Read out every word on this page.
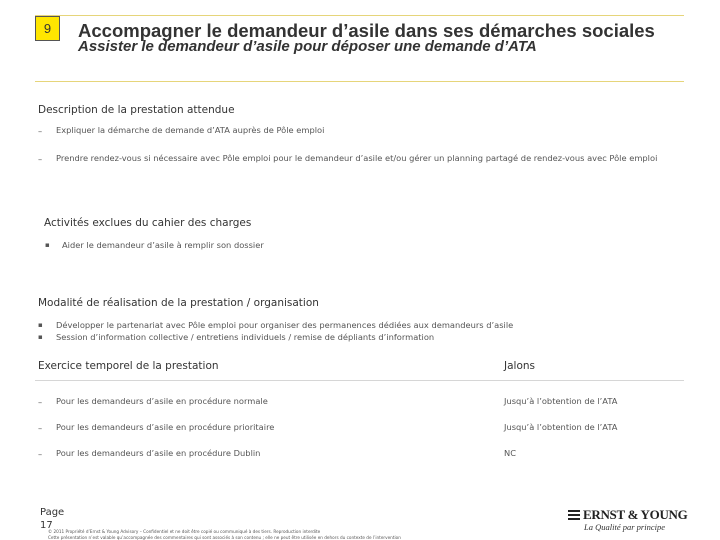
9	Accompagner le demandeur d’asile dans ses démarches sociales
Assister le demandeur d’asile pour déposer une demande d’ATA
Description de la prestation attendue
– Expliquer la démarche de demande d’ATA auprès de Pôle emploi
– Prendre rendez-vous si nécessaire avec Pôle emploi pour le demandeur d’asile et/ou gérer un planning partagé de rendez-vous avec Pôle emploi
Activités exclues du cahier des charges
▪ Aider le demandeur d’asile à remplir son dossier
Modalité de réalisation de la prestation / organisation
▪ Développer le partenariat avec Pôle emploi pour organiser des permanences dédiées aux demandeurs d’asile
▪ Session d’information collective / entretiens individuels / remise de dépliants d’information
Exercice temporel de la prestation	Jalons
– Pour les demandeurs d’asile en procédure normale	Jusqu’à l’obtention de l’ATA
– Pour les demandeurs d’asile en procédure prioritaire	Jusqu’à l’obtention de l’ATA
– Pour les demandeurs d’asile en procédure Dublin	NC
Page 17
© 2011 Propriété d’Ernst & Young Advisory – Confidentiel et ne doit être copié ou communiqué à des tiers. Reproduction interdite
Cette présentation n’est valable qu’accompagnée des commentaires qui sont associés à son contenu ; elle ne peut être utilisée en dehors du contexte de l’intervention
ERNST & YOUNG
La Qualité par principe
